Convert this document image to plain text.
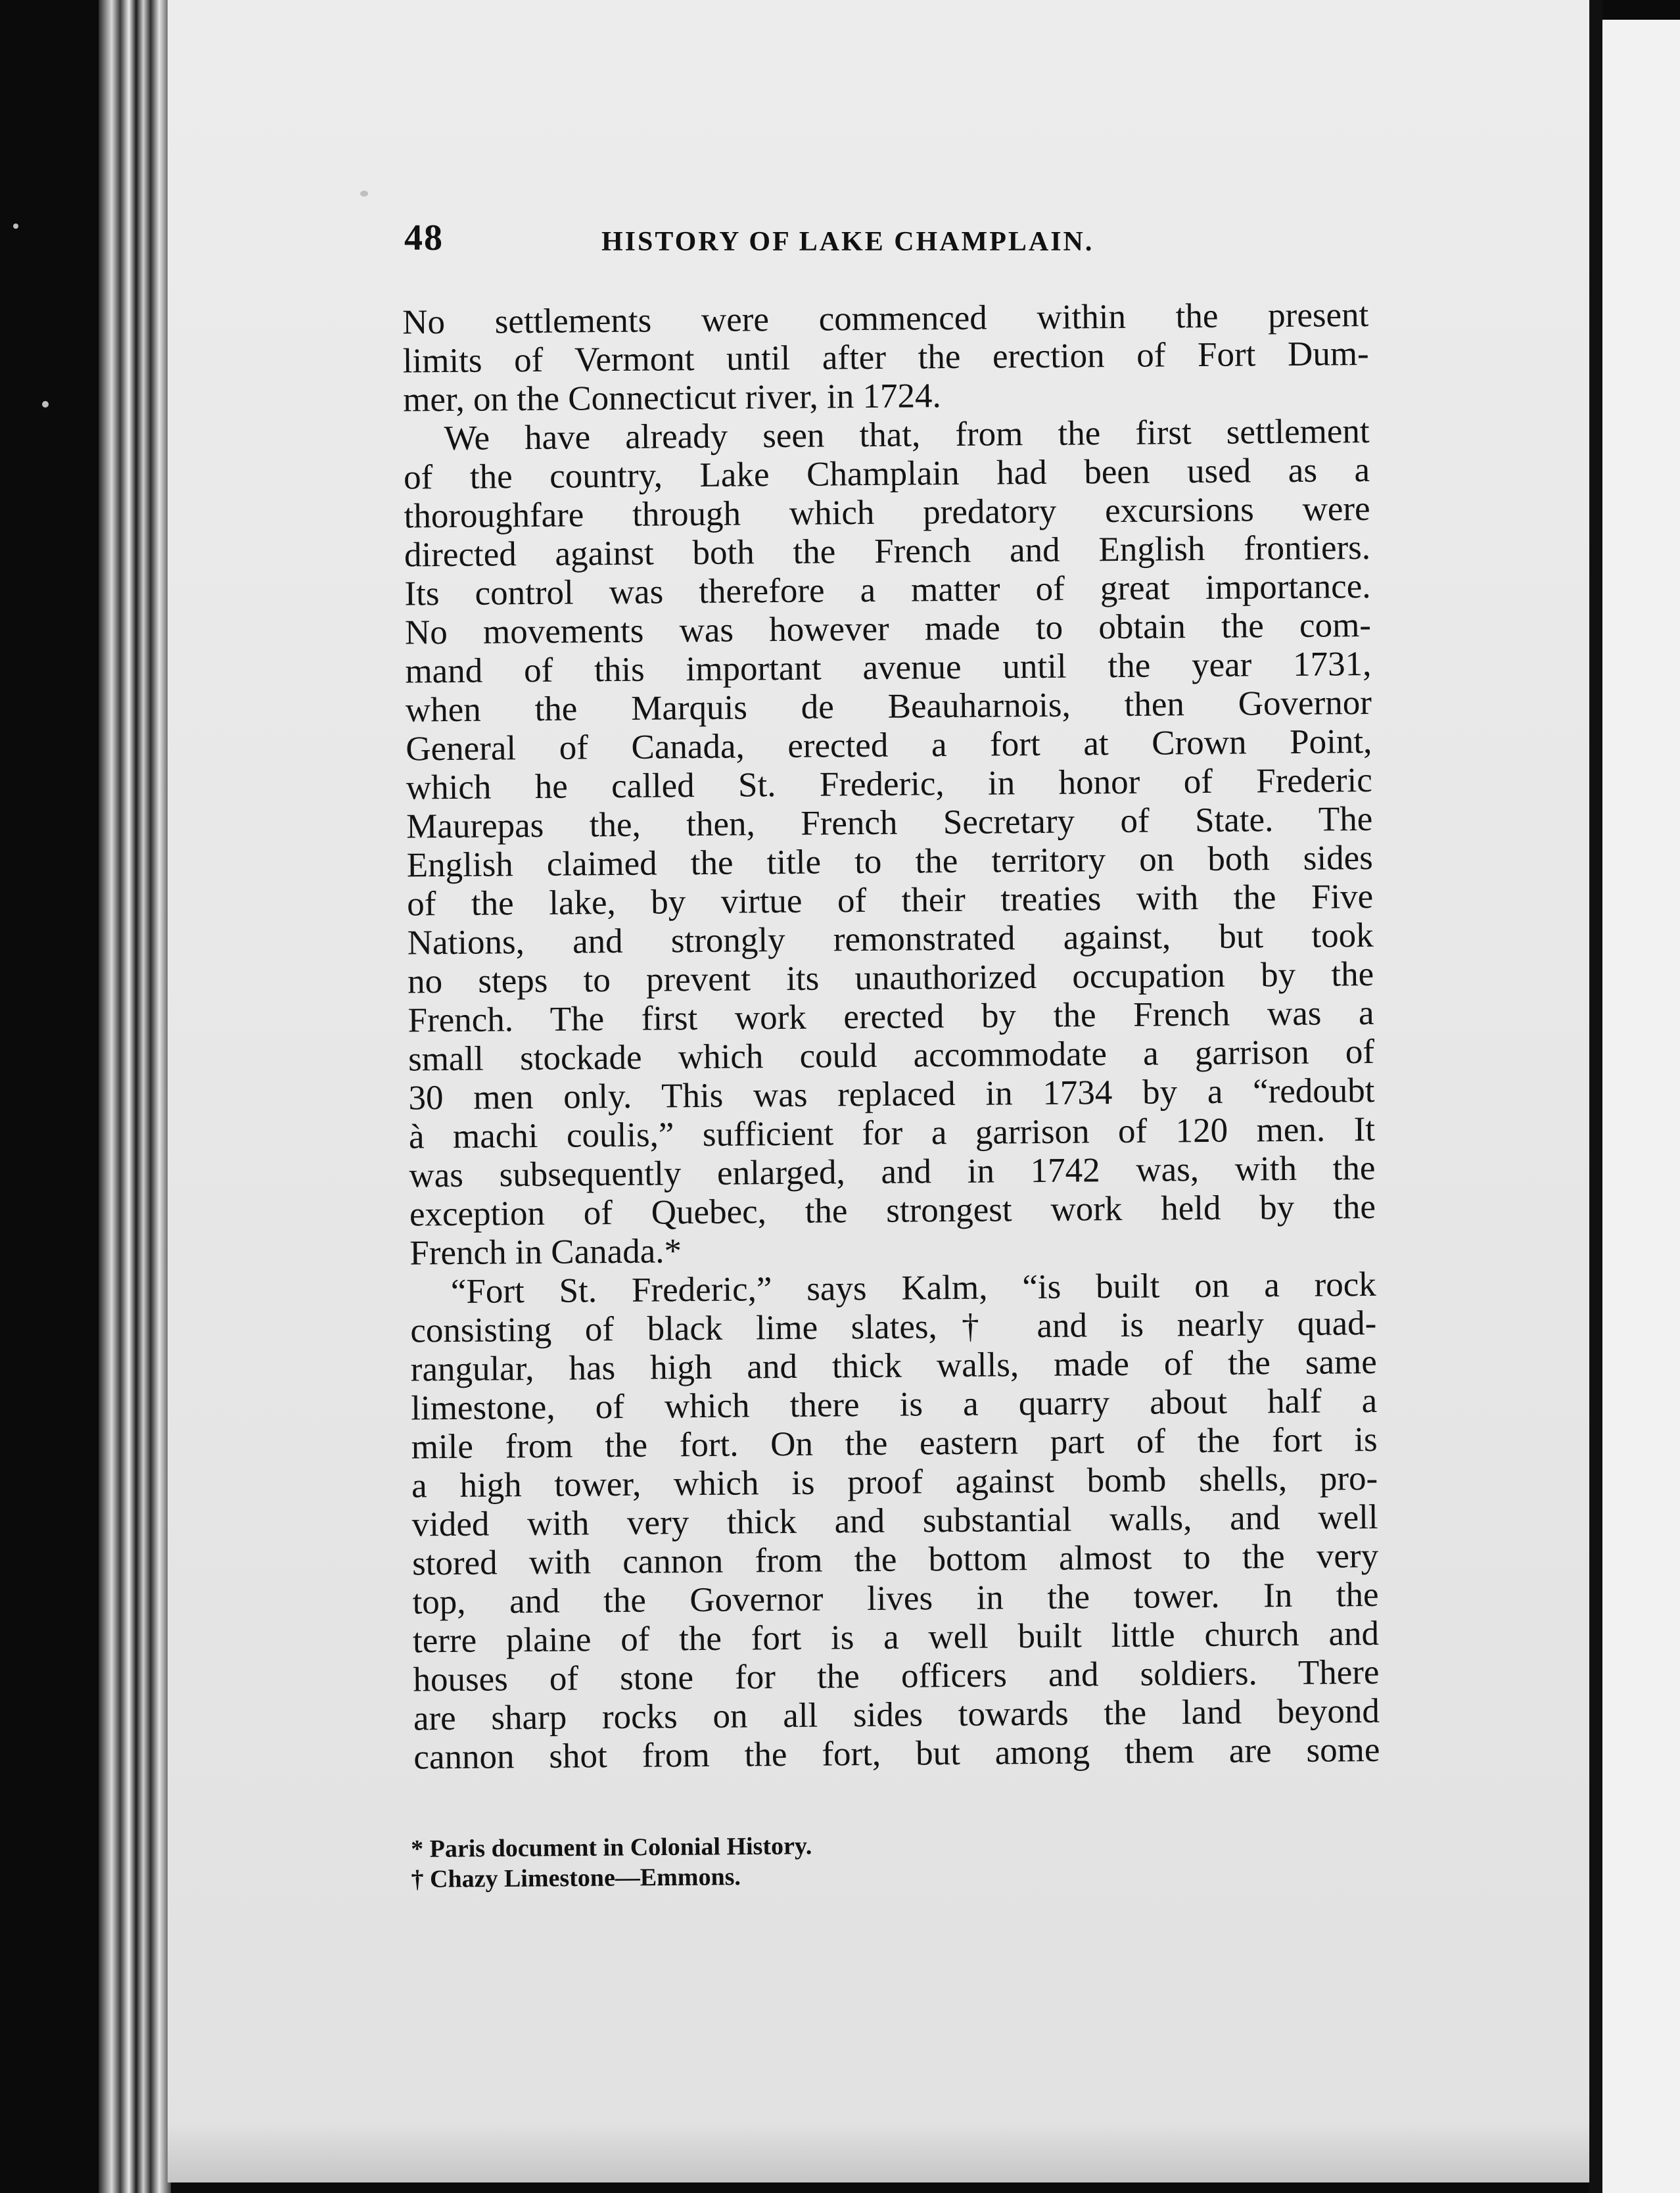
48	HISTORY OF LAKE CHAMPLAIN.
No settlements were commenced within the present
limits of Vermont until after the erection of Fort Dum-
mer, on the Connecticut river, in 1724.
We have already seen that, from the first settlement
of the country, Lake Champlain had been used as a
thoroughfare through which predatory excursions were
directed against both the French and English frontiers.
Its control was therefore a matter of great importance.
No movements was however made to obtain the com-
mand of this important avenue until the year 1731,
when the Marquis de Beauharnois, then Governor
General of Canada, erected a fort at Crown Point,
which he called St. Frederic, in honor of Frederic
Maurepas the, then, French Secretary of State. The
English claimed the title to the territory on both sides
of the lake, by virtue of their treaties with the Five
Nations, and strongly remonstrated against, but took
no steps to prevent its unauthorized occupation by the
French. The first work erected by the French was a
small stockade which could accommodate a garrison of
30 men only. This was replaced in 1734 by a “redoubt
à machi coulis,” sufficient for a garrison of 120 men. It
was subsequently enlarged, and in 1742 was, with the
exception of Quebec, the strongest work held by the
French in Canada.*
“Fort St. Frederic,” says Kalm, “is built on a rock
consisting of black lime slates,† and is nearly quad-
rangular, has high and thick walls, made of the same
limestone, of which there is a quarry about half a
mile from the fort. On the eastern part of the fort is
a high tower, which is proof against bomb shells, pro-
vided with very thick and substantial walls, and well
stored with cannon from the bottom almost to the very
top, and the Governor lives in the tower. In the
terre plaine of the fort is a well built little church and
houses of stone for the officers and soldiers. There
are sharp rocks on all sides towards the land beyond
cannon shot from the fort, but among them are some
* Paris document in Colonial History.
† Chazy Limestone—Emmons.
